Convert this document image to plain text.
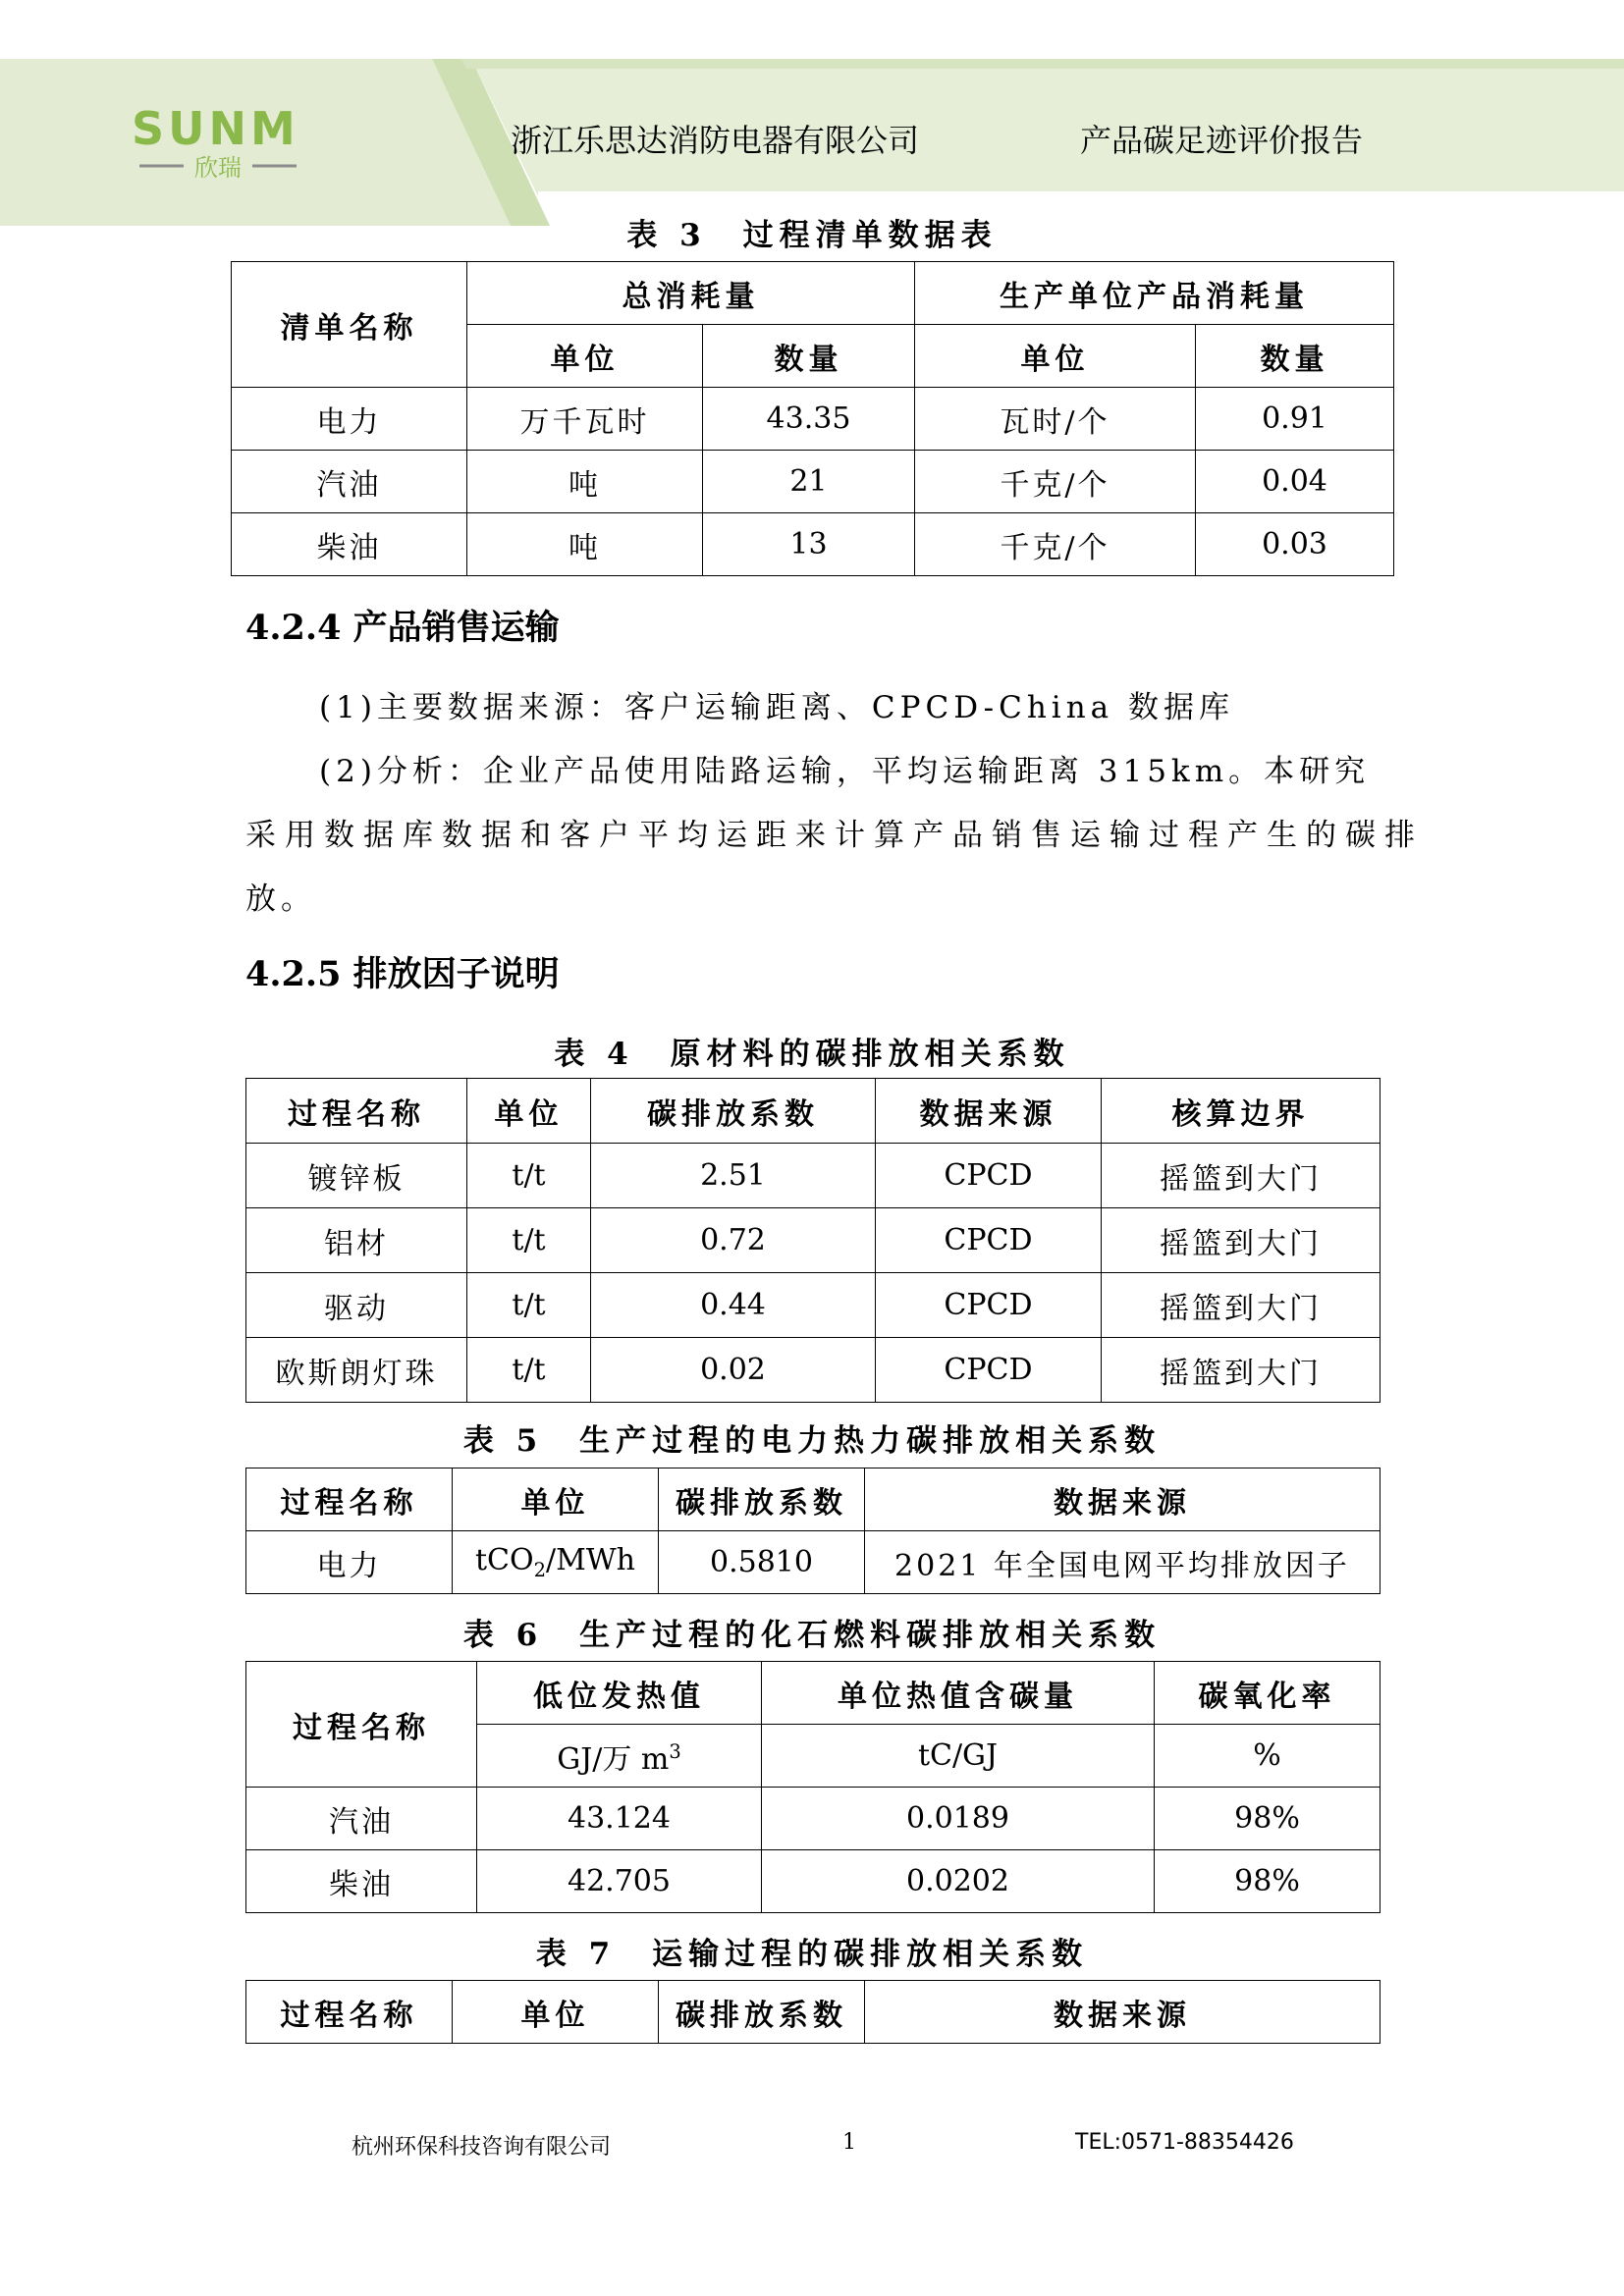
SUNM
欣瑞
浙江乐思达消防电器有限公司	产品碳足迹评价报告
表 3　过程清单数据表
清单名称	总消耗量		生产单位产品消耗量	
	单位	数量	单位	数量
电力	万千瓦时	43.35	瓦时/个	0.91
汽油	吨	21	千克/个	0.04
柴油	吨	13	千克/个	0.03
4.2.4 产品销售运输
(1)主要数据来源：客户运输距离、CPCD-China 数据库
(2)分析：企业产品使用陆路运输，平均运输距离 315km。本研究
采用数据库数据和客户平均运距来计算产品销售运输过程产生的碳排
放。
4.2.5 排放因子说明
表 4　原材料的碳排放相关系数
过程名称	单位	碳排放系数	数据来源	核算边界
镀锌板	t/t	2.51	CPCD	摇篮到大门
铝材	t/t	0.72	CPCD	摇篮到大门
驱动	t/t	0.44	CPCD	摇篮到大门
欧斯朗灯珠	t/t	0.02	CPCD	摇篮到大门
表 5　生产过程的电力热力碳排放相关系数
过程名称	单位	碳排放系数	数据来源
电力	tCO$_2$/MWh	0.5810	2021 年全国电网平均排放因子
表 6　生产过程的化石燃料碳排放相关系数
过程名称	低位发热值	单位热值含碳量	碳氧化率
	GJ/万 $m^3$	tC/GJ	%
汽油	43.124	0.0189	98%
柴油	42.705	0.0202	98%
表 7　运输过程的碳排放相关系数
过程名称	单位	碳排放系数	数据来源
杭州环保科技咨询有限公司	1	TEL:0571-88354426
